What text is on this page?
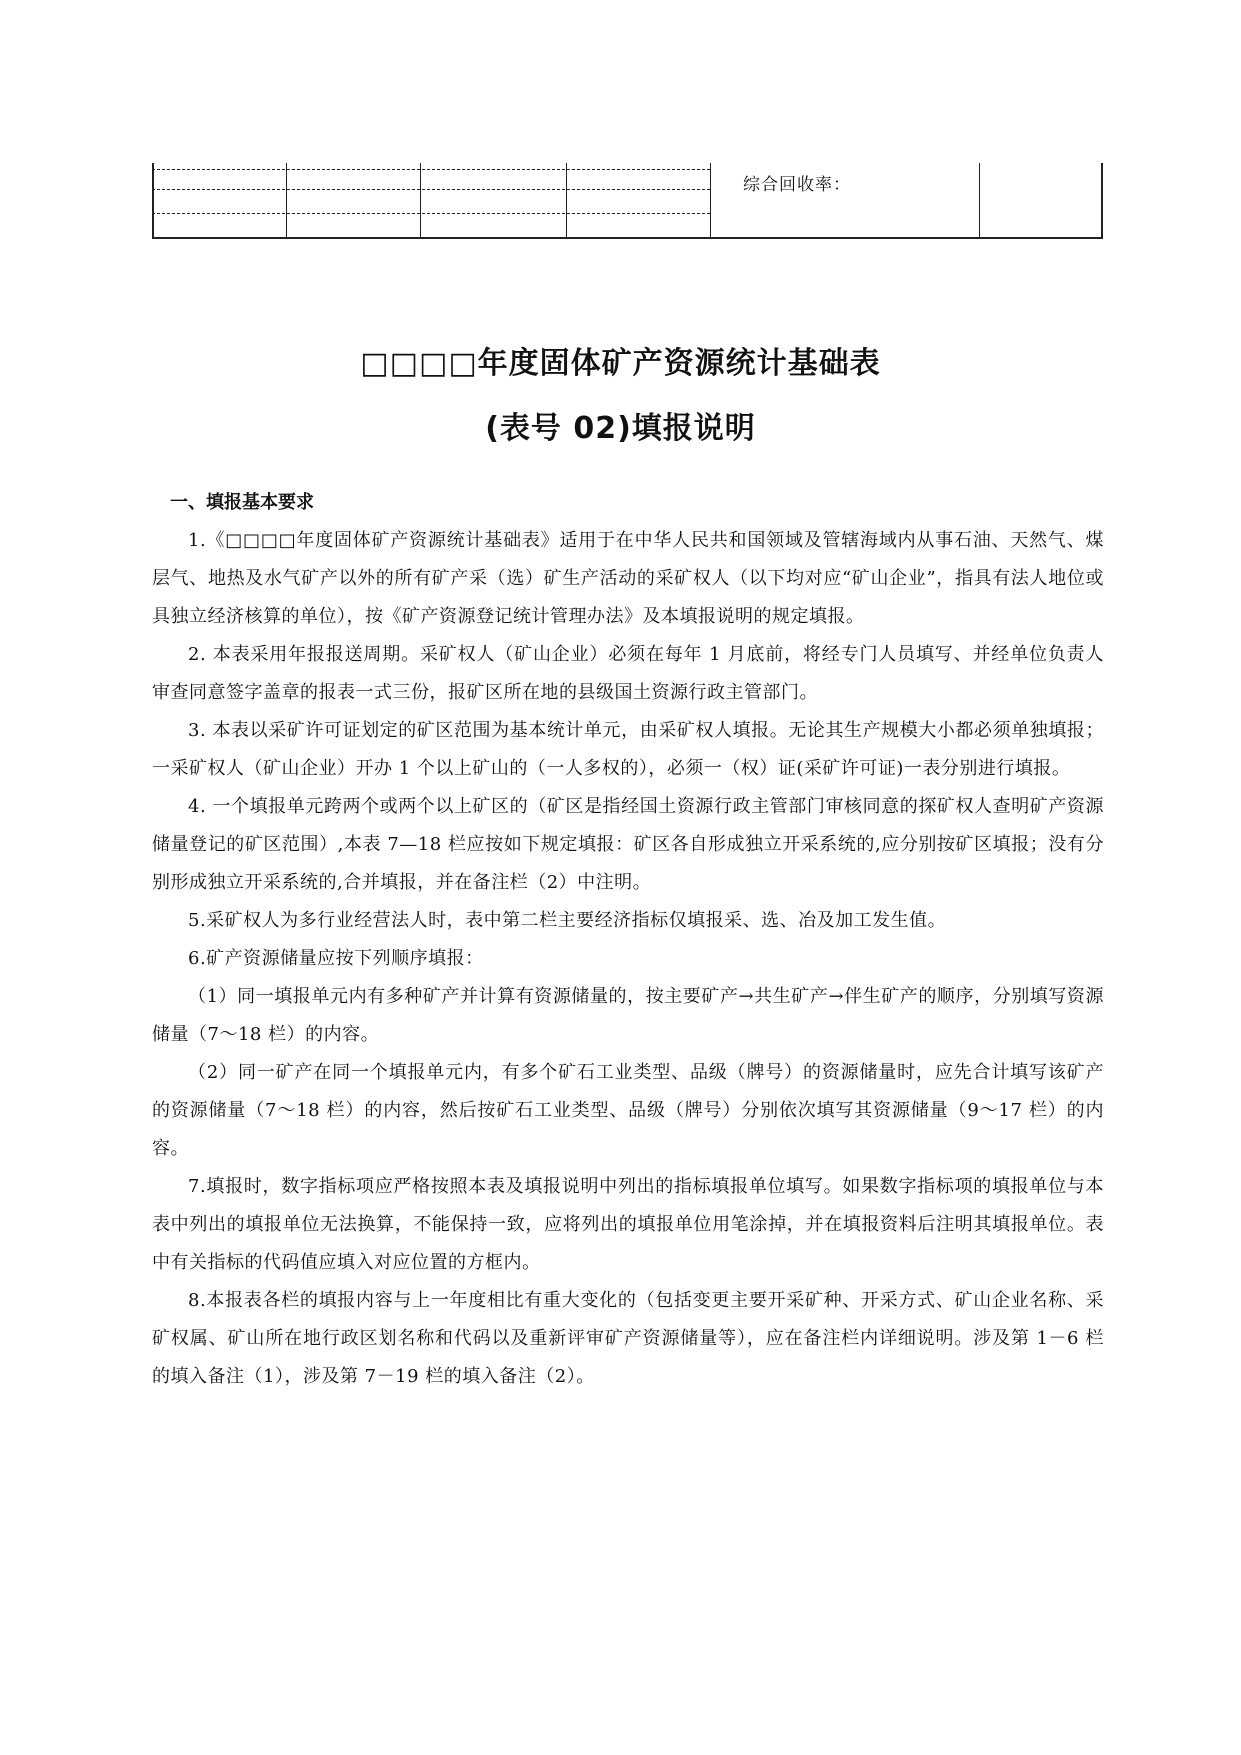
综合回收率：
□□□□年度固体矿产资源统计基础表
(表号 02)填报说明
一、填报基本要求

1.《□□□□年度固体矿产资源统计基础表》适用于在中华人民共和国领域及管辖海域内从事石油、天然气、煤层气、地热及水气矿产以外的所有矿产采（选）矿生产活动的采矿权人（以下均对应“矿山企业”，指具有法人地位或具独立经济核算的单位），按《矿产资源登记统计管理办法》及本填报说明的规定填报。

2. 本表采用年报报送周期。采矿权人（矿山企业）必须在每年 1 月底前，将经专门人员填写、并经单位负责人审查同意签字盖章的报表一式三份，报矿区所在地的县级国土资源行政主管部门。

3. 本表以采矿许可证划定的矿区范围为基本统计单元，由采矿权人填报。无论其生产规模大小都必须单独填报；一采矿权人（矿山企业）开办 1 个以上矿山的（一人多权的），必须一（权）证(采矿许可证)一表分别进行填报。

4. 一个填报单元跨两个或两个以上矿区的（矿区是指经国土资源行政主管部门审核同意的探矿权人查明矿产资源储量登记的矿区范围）,本表 7—18 栏应按如下规定填报：矿区各自形成独立开采系统的,应分别按矿区填报；没有分别形成独立开采系统的,合并填报，并在备注栏（2）中注明。

5.采矿权人为多行业经营法人时，表中第二栏主要经济指标仅填报采、选、冶及加工发生值。

6.矿产资源储量应按下列顺序填报：

（1）同一填报单元内有多种矿产并计算有资源储量的，按主要矿产→共生矿产→伴生矿产的顺序，分别填写资源储量（7～18 栏）的内容。

（2）同一矿产在同一个填报单元内，有多个矿石工业类型、品级（牌号）的资源储量时，应先合计填写该矿产的资源储量（7～18 栏）的内容，然后按矿石工业类型、品级（牌号）分别依次填写其资源储量（9～17 栏）的内容。

7.填报时，数字指标项应严格按照本表及填报说明中列出的指标填报单位填写。如果数字指标项的填报单位与本表中列出的填报单位无法换算，不能保持一致，应将列出的填报单位用笔涂掉，并在填报资料后注明其填报单位。表中有关指标的代码值应填入对应位置的方框内。

8.本报表各栏的填报内容与上一年度相比有重大变化的（包括变更主要开采矿种、开采方式、矿山企业名称、采矿权属、矿山所在地行政区划名称和代码以及重新评审矿产资源储量等），应在备注栏内详细说明。涉及第 1－6 栏的填入备注（1），涉及第 7－19 栏的填入备注（2）。
